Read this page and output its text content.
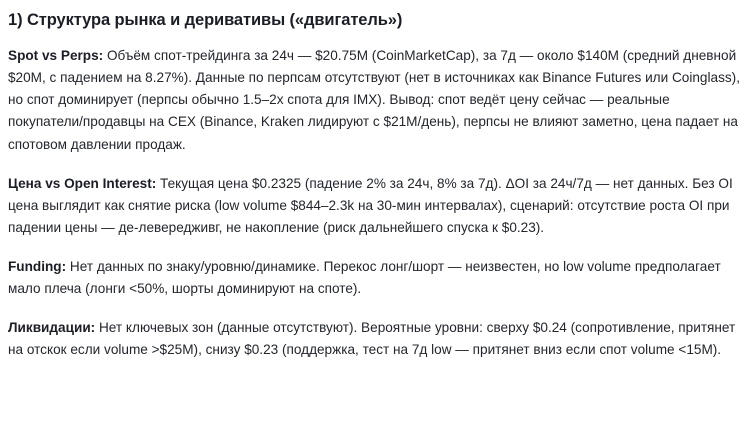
1) Структура рынка и деривативы («двигатель»)

Spot vs Perps: Объём спот-трейдинга за 24ч — $20.75M (CoinMarketCap), за 7д — около $140M (средний дневной $20M, с падением на 8.27%). Данные по перпсам отсутствуют (нет в источниках как Binance Futures или Coinglass), но спот доминирует (перпсы обычно 1.5–2x спота для IMX). Вывод: спот ведёт цену сейчас — реальные покупатели/продавцы на CEX (Binance, Kraken лидируют с $21M/день), перпсы не влияют заметно, цена падает на спотовом давлении продаж.

Цена vs Open Interest: Текущая цена $0.2325 (падение 2% за 24ч, 8% за 7д). ΔOI за 24ч/7д — нет данных. Без OI цена выглядит как снятие риска (low volume $844–2.3k на 30-мин интервалах), сценарий: отсутствие роста OI при падении цены — де-левередживг, не накопление (риск дальнейшего спуска к $0.23).

Funding: Нет данных по знаку/уровню/динамике. Перекос лонг/шорт — неизвестен, но low volume предполагает мало плеча (лонги <50%, шорты доминируют на споте).

Ликвидации: Нет ключевых зон (данные отсутствуют). Вероятные уровни: сверху $0.24 (сопротивление, притянет на отскок если volume >$25M), снизу $0.23 (поддержка, тест на 7д low — притянет вниз если спот volume <15M).
